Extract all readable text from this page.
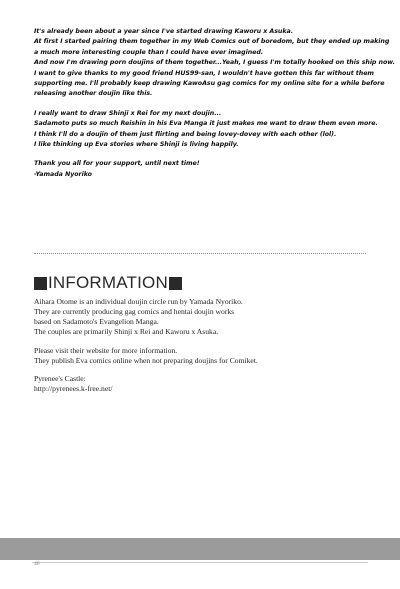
It's already been about a year since I've started drawing Kaworu x Asuka.
At first I started pairing them together in my Web Comics out of boredom, but they ended up making
a much more interesting couple than I could have ever imagined.
And now I'm drawing porn doujins of them together...Yeah, I guess I'm totally hooked on this ship now.
I want to give thanks to my good friend HUS99-san, I wouldn't have gotten this far without them
supporting me. I'll probably keep drawing KawoAsu gag comics for my online site for a while before
releasing another doujin like this.
I really want to draw Shinji x Rei for my next doujin...
Sadamoto puts so much Reishin in his Eva Manga it just makes me want to draw them even more.
I think I'll do a doujin of them just flirting and being lovey-dovey with each other (lol).
I like thinking up Eva stories where Shinji is living happily.
Thank you all for your support, until next time!
-Yamada Nyoriko
INFORMATION
Aihara Otome is an individual doujin circle run by Yamada Nyoriko.
They are currently producing gag comics and hentai doujin works
based on Sadamoto's Evangelion Manga.
The couples are primarily Shinji x Rei and Kaworu x Asuka.
Please visit their website for more information.
They publish Eva comics online when not preparing doujins for Comiket.
Pyrenee's Castle:
http://pyrenees.k-free.net/
46
